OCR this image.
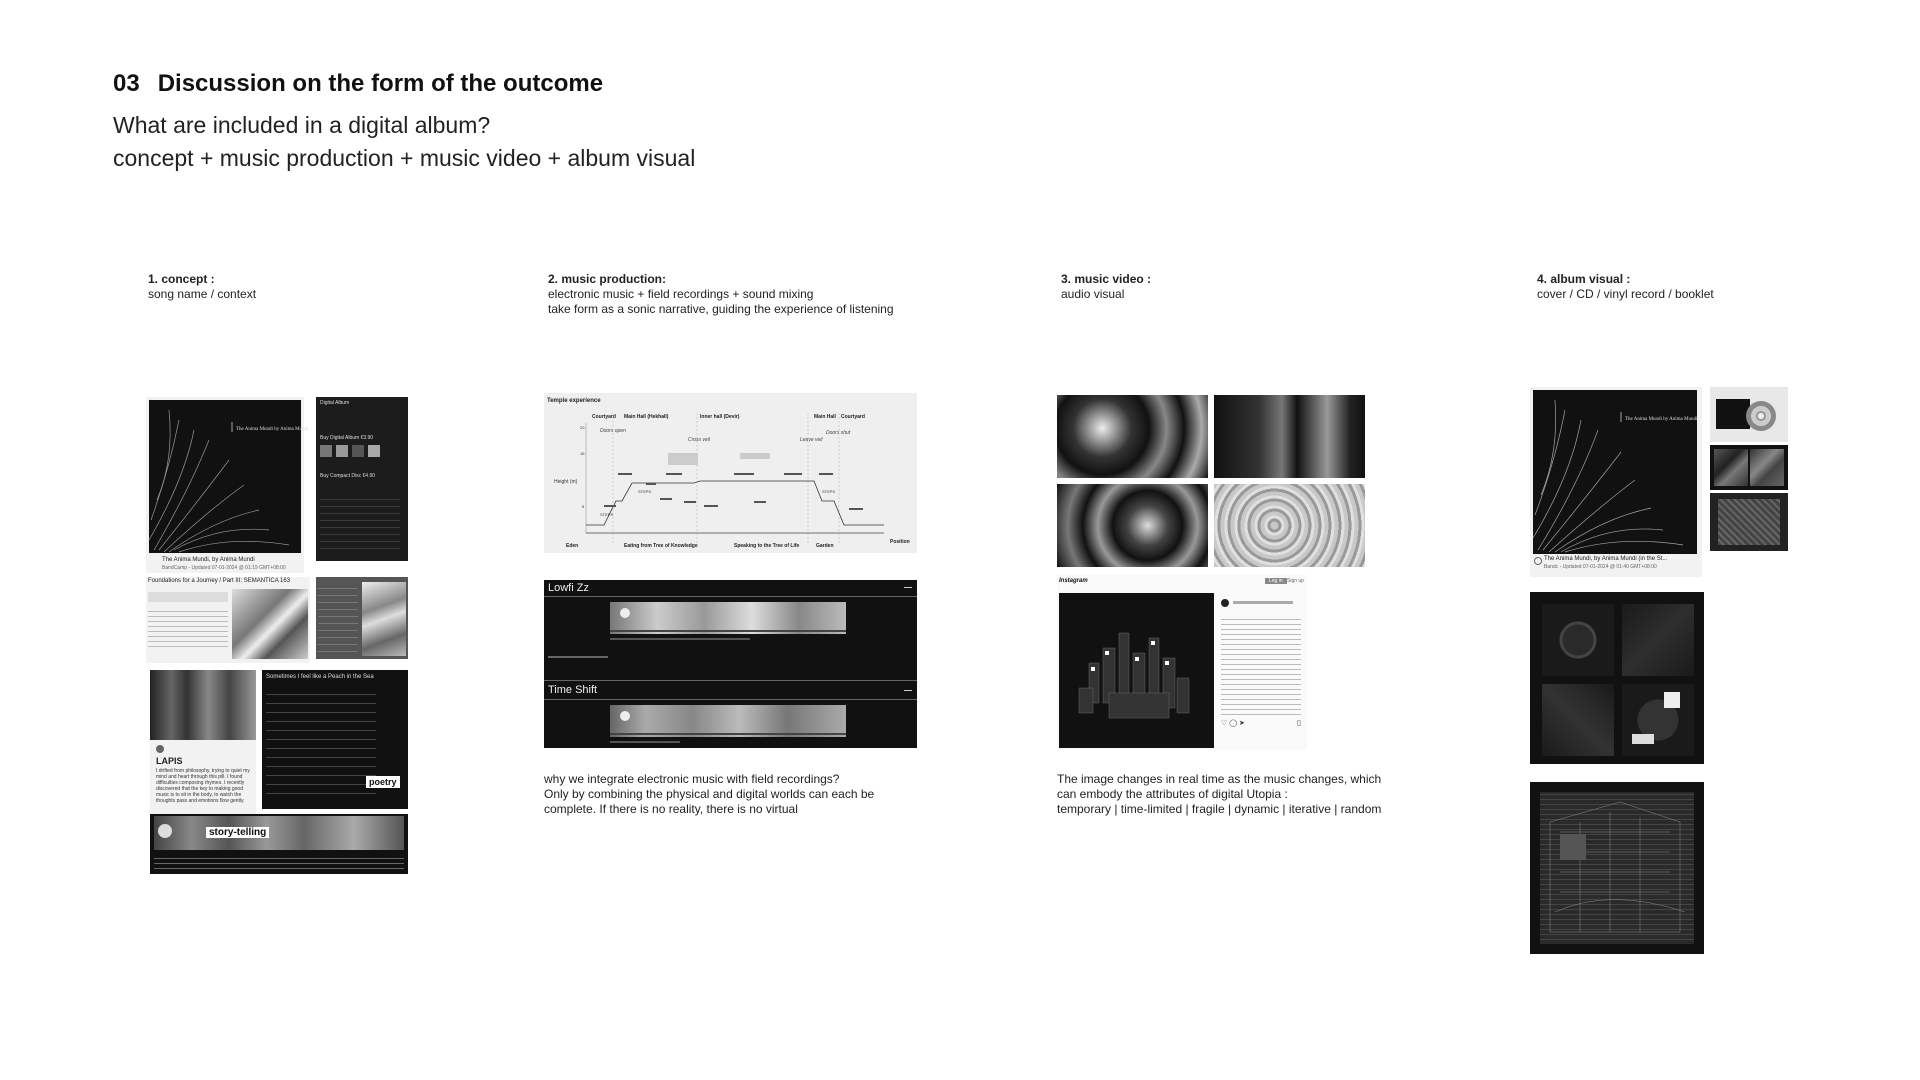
03 Discussion on the form of the outcome
What are included in a digital album?
concept + music production + music video + album visual
1. concept :
song name / context
2. music production:
electronic music + field recordings + sound mixing
take form as a sonic narrative, guiding the experience of listening
3. music video :
audio visual
4. album visual :
cover / CD / vinyl record / booklet
The Anima Mundi by Anima Mundi
The Anima Mundi, by Anima Mundi
BandCamp - Updated 07-01-2024 @ 01:19 GMT+08:00
Digital Album
Buy Digital Album €3.90
Buy Compact Disc €4.90
Foundations for a Journey / Part III: SEMANTICA 163
LAPIS
I drifted from philosophy, trying to quiet my mind and heart through this pill. I found difficulties composing rhymes. I recently discovered that the key to making good music is to sit in the body, to watch the thoughts pass and emotions flow gently.
Sometimes I feel like a Peach in the Sea
poetry
story-telling
Temple experience
Courtyard Main Hall (Hekhall)	Inner hall (Devir)	Main Hall Courtyard
Doors open
Cross veil	Leave veil
Doors shut
Height (m)
20
15
5
STEPS
STEPS
STEPS
Eden	Eating from Tree of Knowledge	Speaking to the Tree of Life	Garden
Position
Lowfi Zz
Time Shift
why we integrate electronic music with field recordings?
Only by combining the physical and digital worlds can each be
complete. If there is no reality, there is no virtual
Instagram	Log in Sign up
♡ ◯ ➤	▯
The image changes in real time as the music changes, which
can embody the attributes of digital Utopia :
temporary | time-limited | fragile | dynamic | iterative | random
The Anima Mundi by Anima Mundi
The Anima Mundi, by Anima Mundi (in the St...
Bandc - Updated 07-01-2024 @ 01:40 GMT+08:00
